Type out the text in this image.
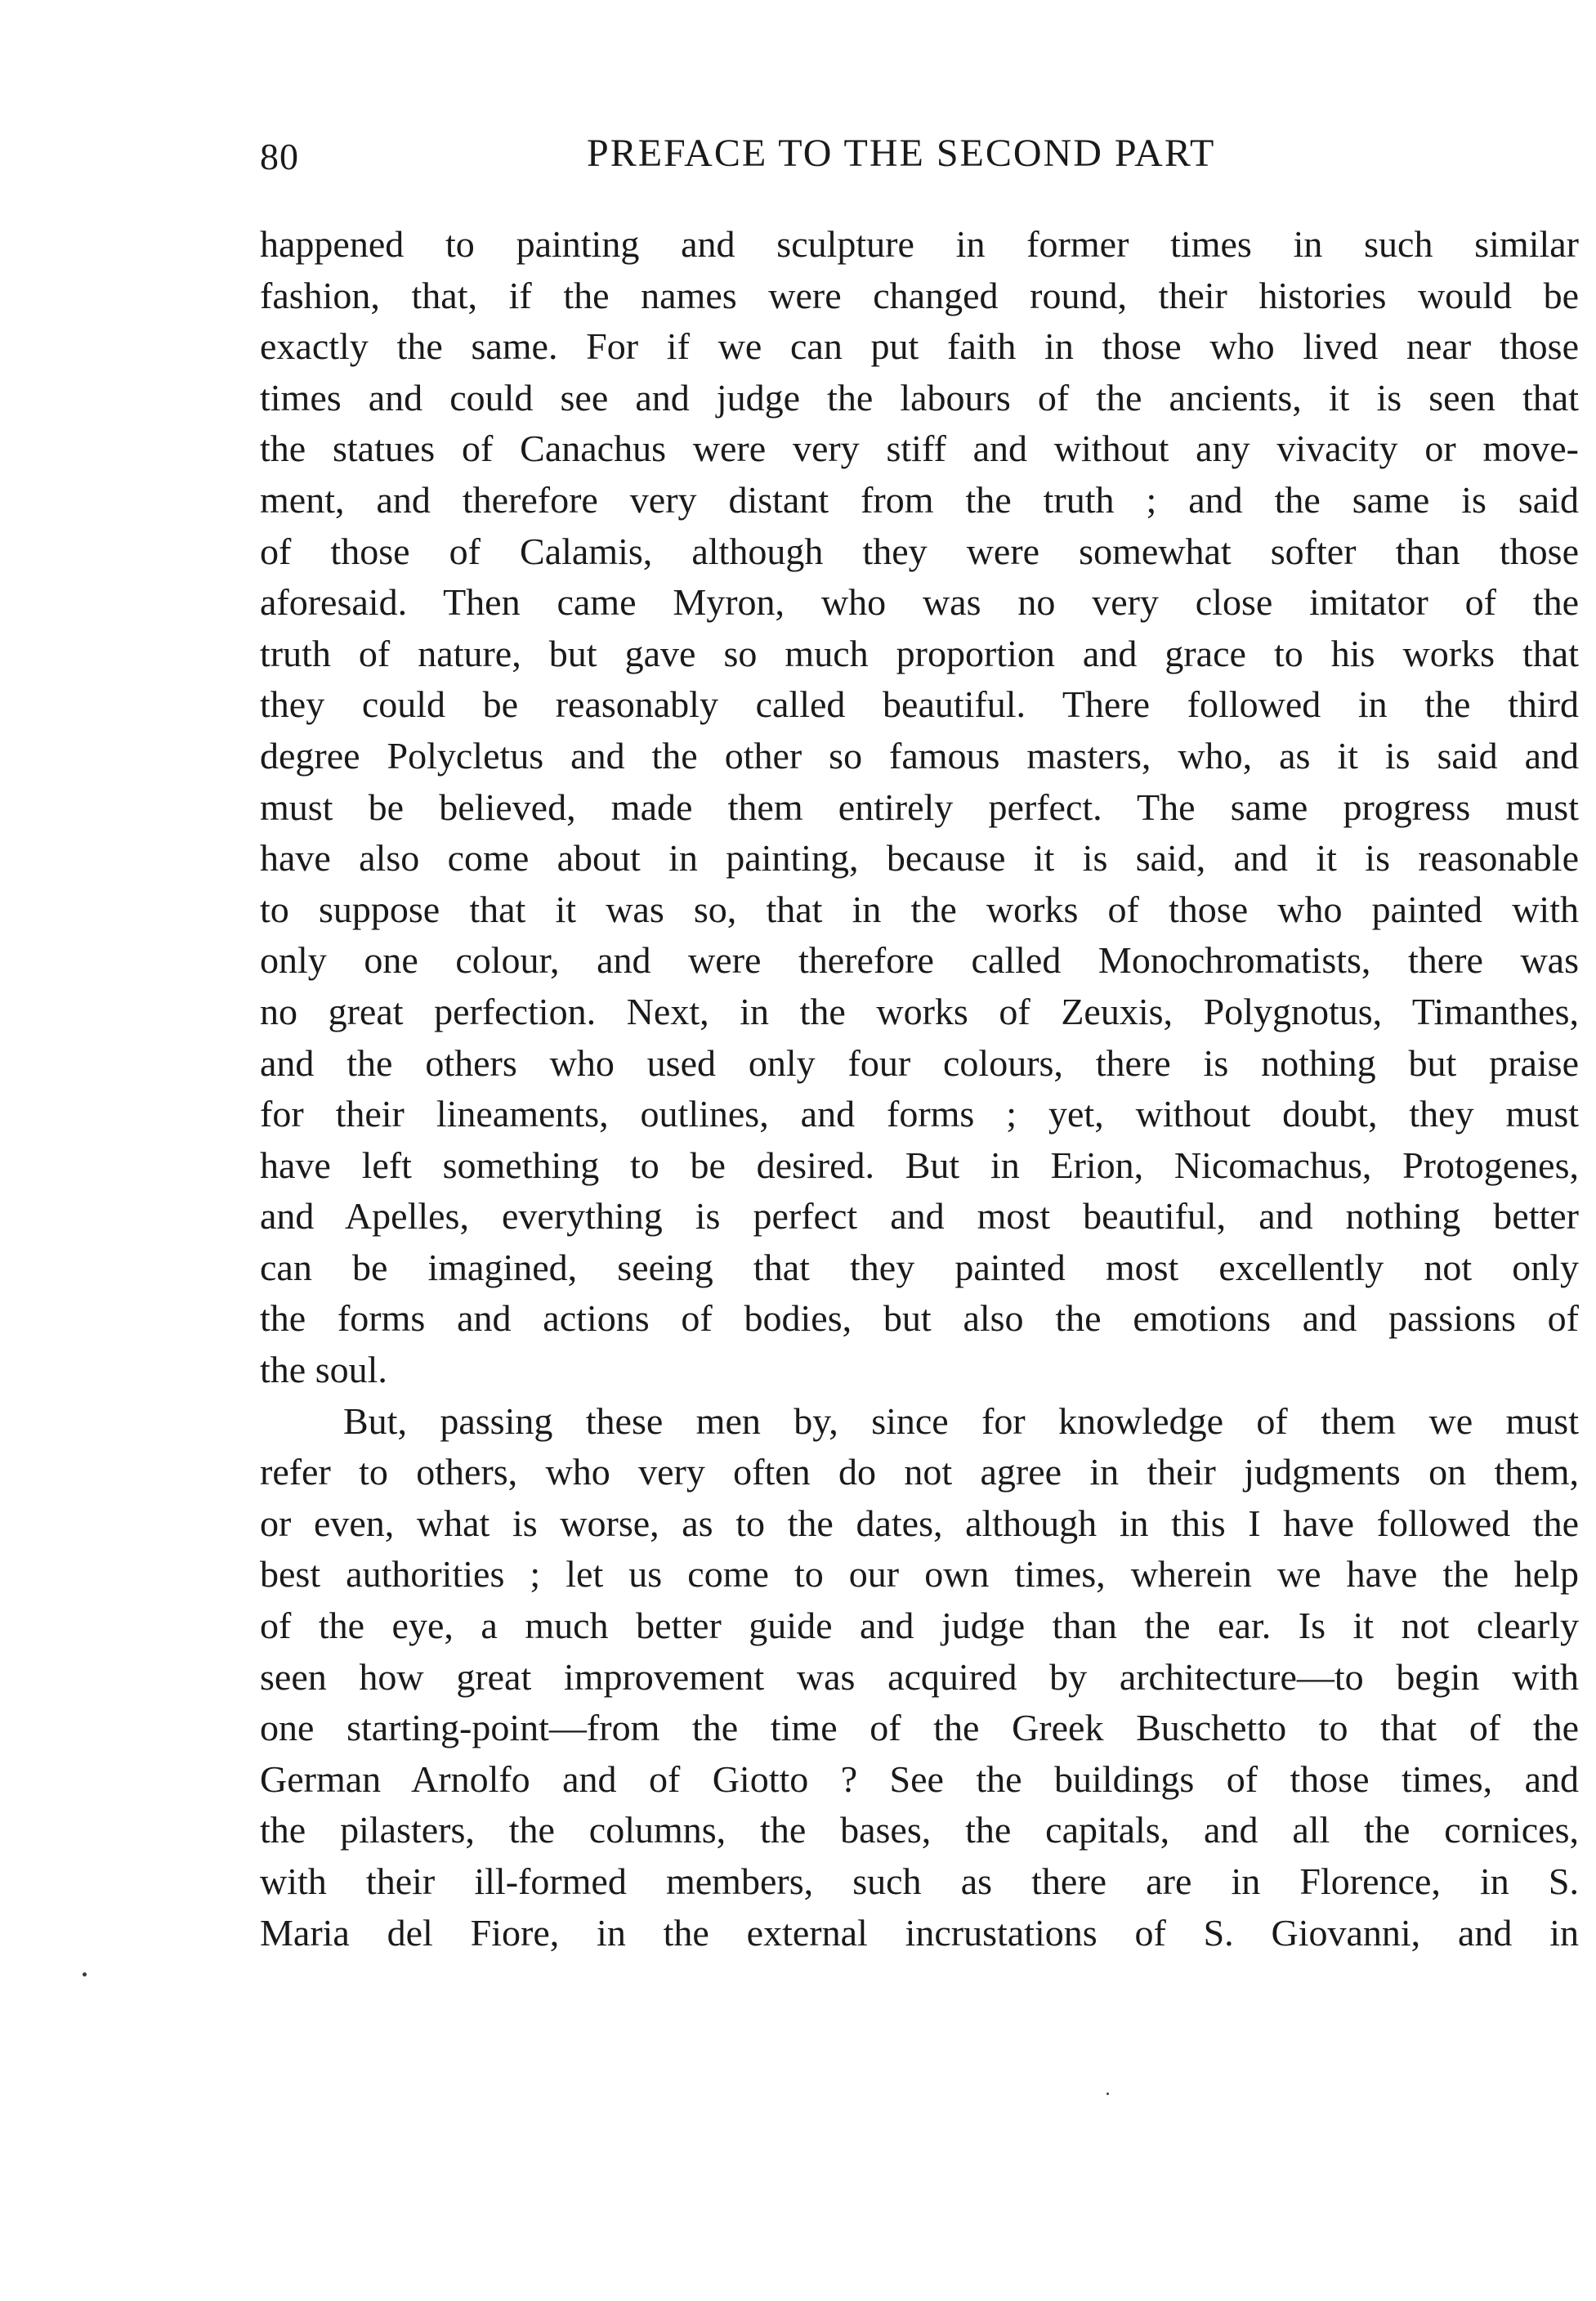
80	PREFACE TO THE SECOND PART
happened to painting and sculpture in former times in such similar
fashion, that, if the names were changed round, their histories would be
exactly the same. For if we can put faith in those who lived near those
times and could see and judge the labours of the ancients, it is seen that
the statues of Canachus were very stiff and without any vivacity or move-
ment, and therefore very distant from the truth ; and the same is said
of those of Calamis, although they were somewhat softer than those
aforesaid. Then came Myron, who was no very close imitator of the
truth of nature, but gave so much proportion and grace to his works that
they could be reasonably called beautiful. There followed in the third
degree Polycletus and the other so famous masters, who, as it is said and
must be believed, made them entirely perfect. The same progress must
have also come about in painting, because it is said, and it is reasonable
to suppose that it was so, that in the works of those who painted with
only one colour, and were therefore called Monochromatists, there was
no great perfection. Next, in the works of Zeuxis, Polygnotus, Timanthes,
and the others who used only four colours, there is nothing but praise
for their lineaments, outlines, and forms ; yet, without doubt, they must
have left something to be desired. But in Erion, Nicomachus, Protogenes,
and Apelles, everything is perfect and most beautiful, and nothing better
can be imagined, seeing that they painted most excellently not only
the forms and actions of bodies, but also the emotions and passions of
the soul.
But, passing these men by, since for knowledge of them we must
refer to others, who very often do not agree in their judgments on them,
or even, what is worse, as to the dates, although in this I have followed the
best authorities ; let us come to our own times, wherein we have the help
of the eye, a much better guide and judge than the ear. Is it not clearly
seen how great improvement was acquired by architecture—to begin with
one starting-point—from the time of the Greek Buschetto to that of the
German Arnolfo and of Giotto ? See the buildings of those times, and
the pilasters, the columns, the bases, the capitals, and all the cornices,
with their ill-formed members, such as there are in Florence, in S.
Maria del Fiore, in the external incrustations of S. Giovanni, and in
